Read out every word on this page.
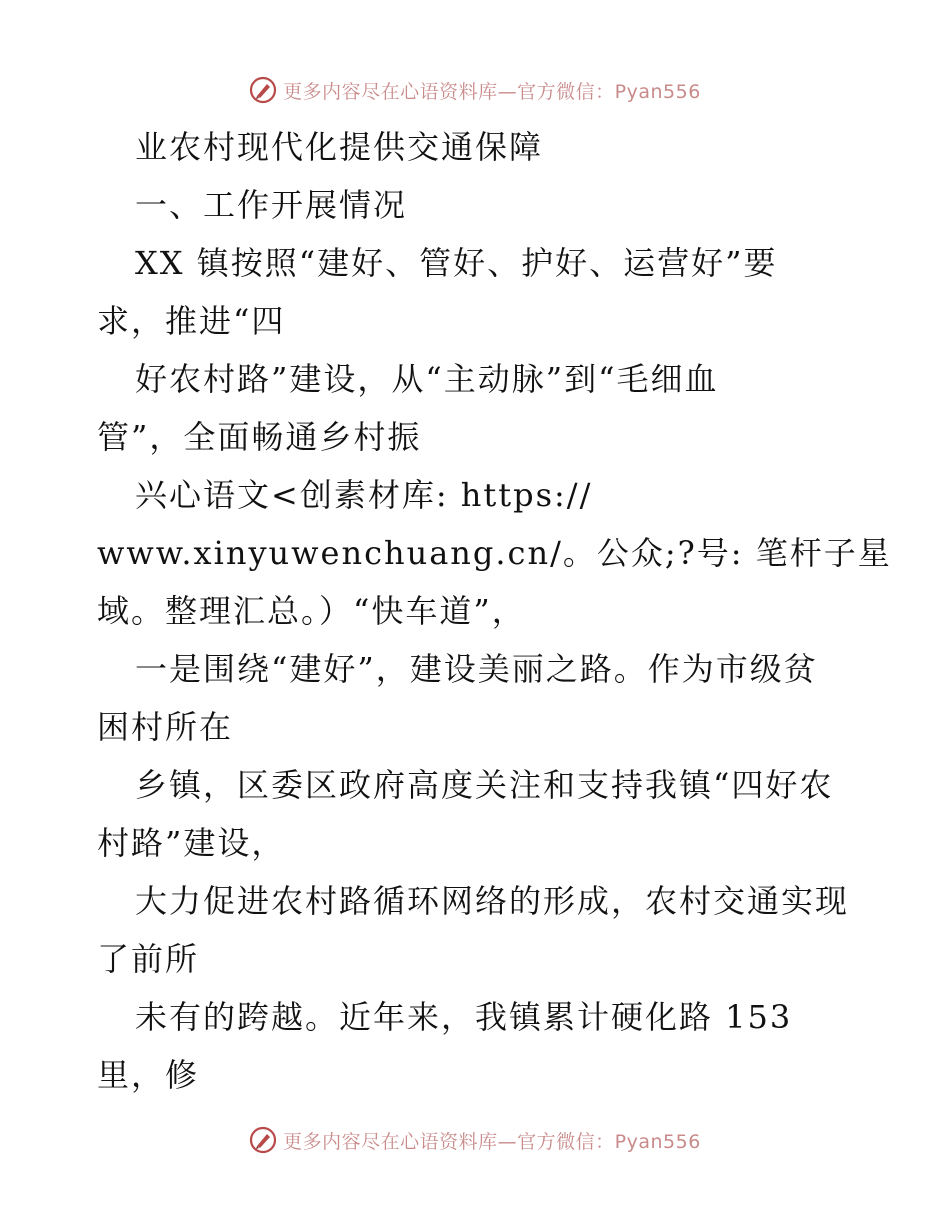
更多内容尽在心语资料库—官方微信：Pyan556
业农村现代化提供交通保障
一、工作开展情况
XX 镇按照“建好、管好、护好、运营好”要
求，推进“四
好农村路”建设，从“主动脉”到“毛细血
管”，全面畅通乡村振
兴心语文<创素材库: https://
www.xinyuwenchuang.cn/。公众;?号: 笔杆子星
域。整理汇总。）“快车道”，
一是围绕“建好”，建设美丽之路。作为市级贫
困村所在
乡镇，区委区政府高度关注和支持我镇“四好农
村路”建设，
大力促进农村路循环网络的形成，农村交通实现
了前所
未有的跨越。近年来，我镇累计硬化路 153
里，修
更多内容尽在心语资料库—官方微信：Pyan556
